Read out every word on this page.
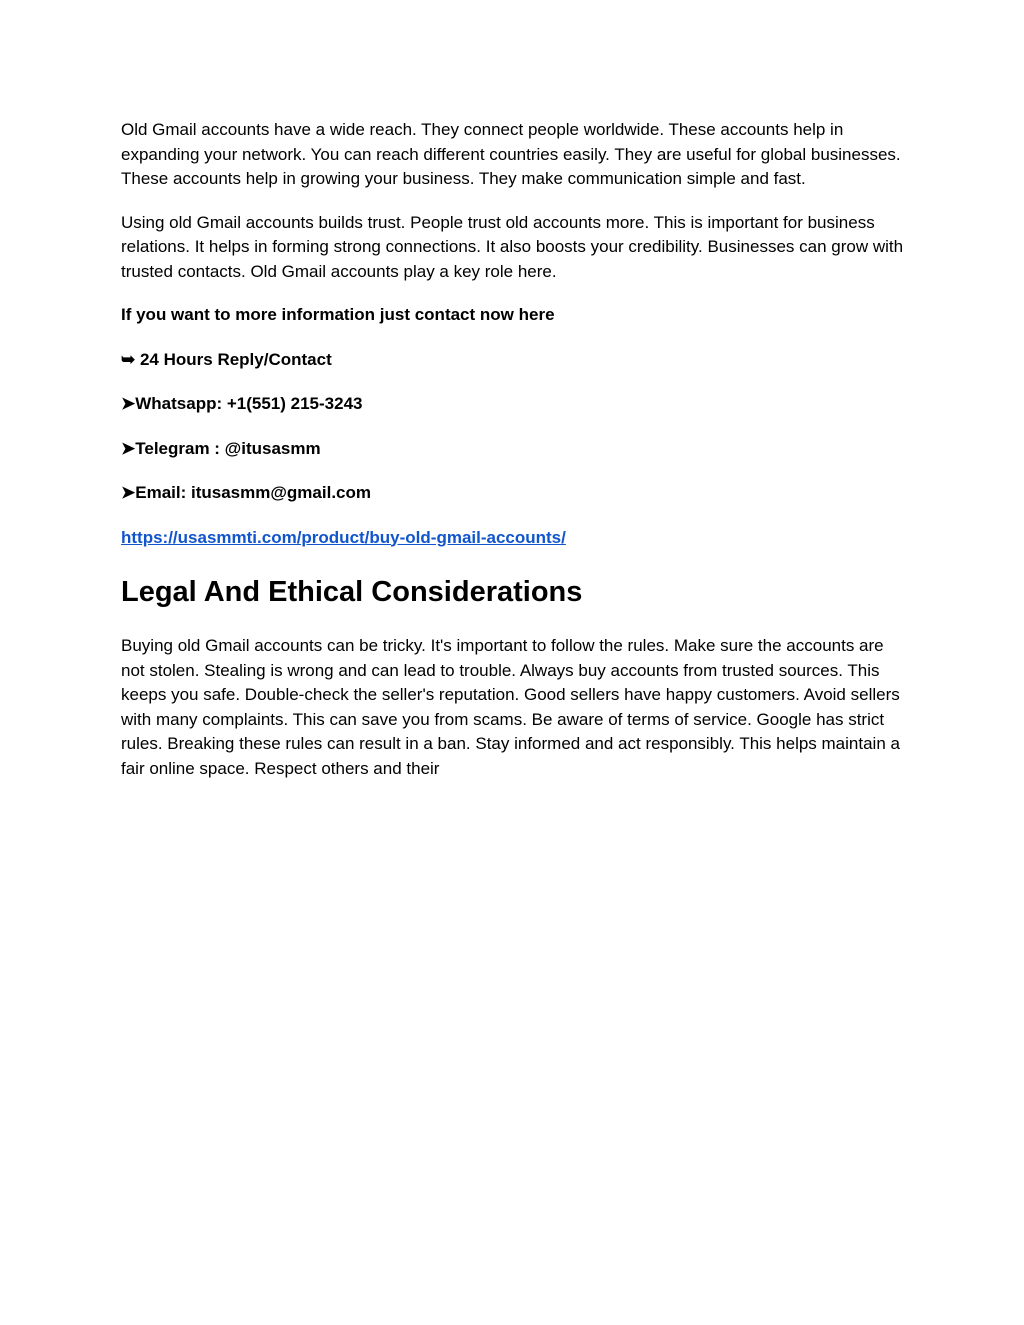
Old Gmail accounts have a wide reach. They connect people worldwide. These accounts help in expanding your network. You can reach different countries easily. They are useful for global businesses. These accounts help in growing your business. They make communication simple and fast.

Using old Gmail accounts builds trust. People trust old accounts more. This is important for business relations. It helps in forming strong connections. It also boosts your credibility. Businesses can grow with trusted contacts. Old Gmail accounts play a key role here.

If you want to more information just contact now here

➥ 24 Hours Reply/Contact

➤Whatsapp: +1(551) 215-3243

➤Telegram : @itusasmm

➤Email: itusasmm@gmail.com

https://usasmmti.com/product/buy-old-gmail-accounts/
Legal And Ethical Considerations

Buying old Gmail accounts can be tricky. It's important to follow the rules. Make sure the accounts are not stolen. Stealing is wrong and can lead to trouble. Always buy accounts from trusted sources. This keeps you safe. Double-check the seller's reputation. Good sellers have happy customers. Avoid sellers with many complaints. This can save you from scams. Be aware of terms of service. Google has strict rules. Breaking these rules can result in a ban. Stay informed and act responsibly. This helps maintain a fair online space. Respect others and their
